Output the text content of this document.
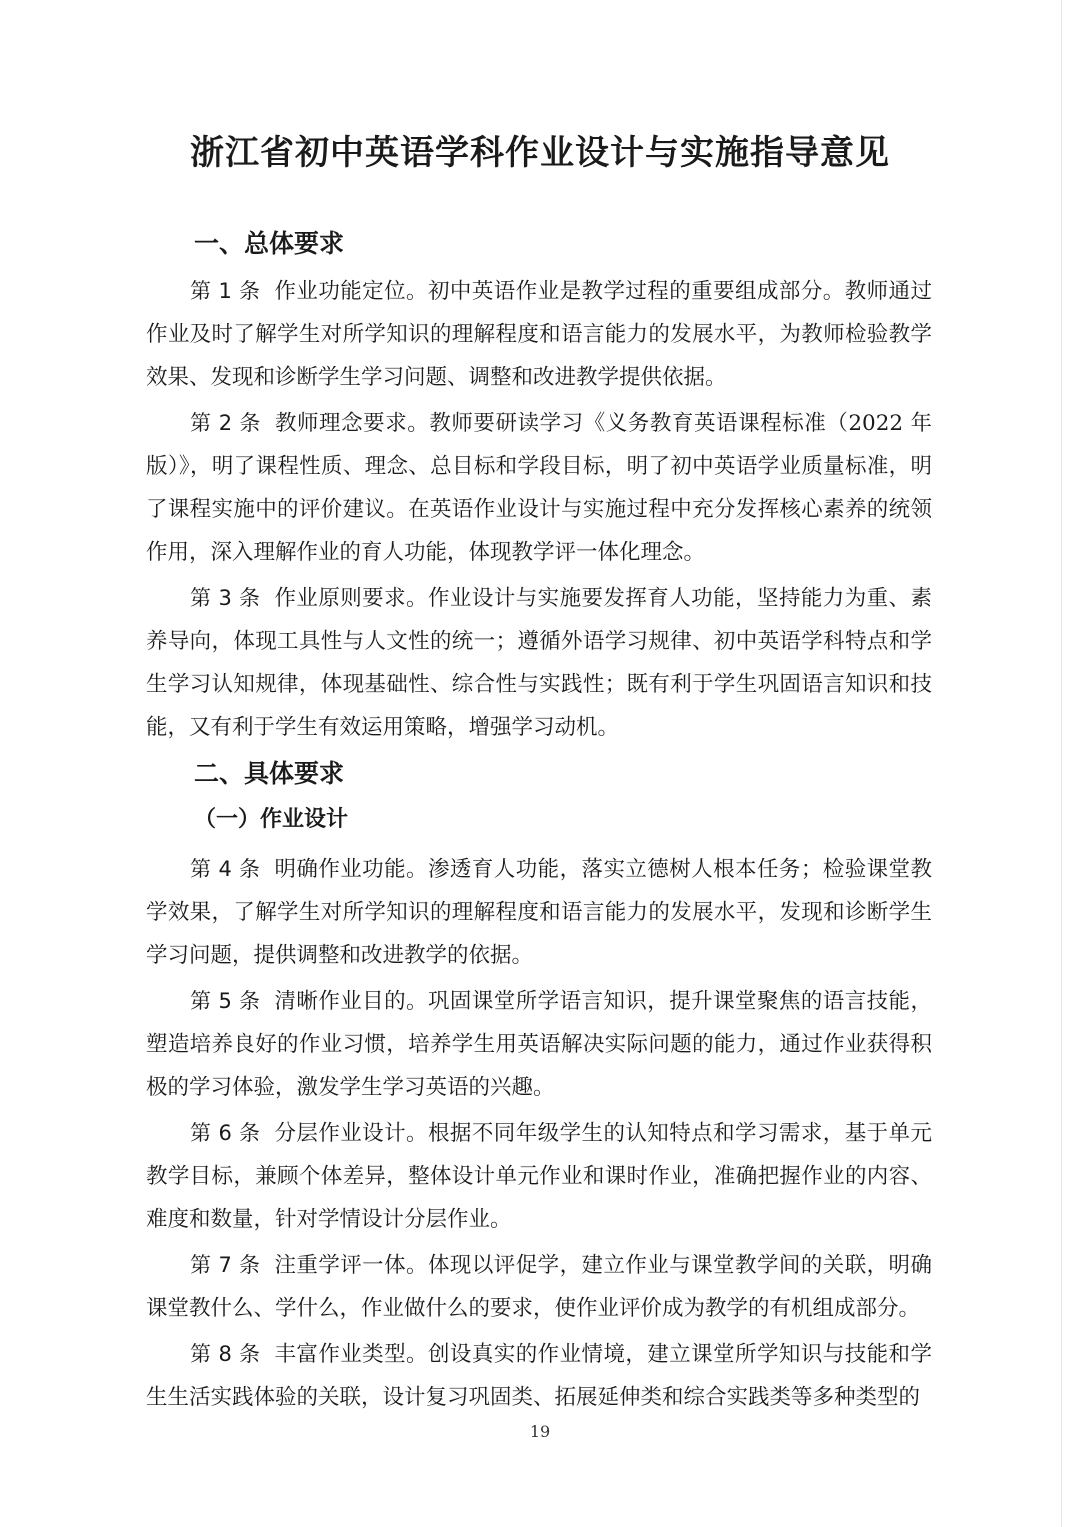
浙江省初中英语学科作业设计与实施指导意见
一、总体要求

第 1 条 作业功能定位。初中英语作业是教学过程的重要组成部分。教师通过作业及时了解学生对所学知识的理解程度和语言能力的发展水平，为教师检验教学效果、发现和诊断学生学习问题、调整和改进教学提供依据。

第 2 条 教师理念要求。教师要研读学习《义务教育英语课程标准（2022 年版）》，明了课程性质、理念、总目标和学段目标，明了初中英语学业质量标准，明了课程实施中的评价建议。在英语作业设计与实施过程中充分发挥核心素养的统领作用，深入理解作业的育人功能，体现教学评一体化理念。

第 3 条 作业原则要求。作业设计与实施要发挥育人功能，坚持能力为重、素养导向，体现工具性与人文性的统一；遵循外语学习规律、初中英语学科特点和学生学习认知规律，体现基础性、综合性与实践性；既有利于学生巩固语言知识和技能，又有利于学生有效运用策略，增强学习动机。

二、具体要求
（一）作业设计

第 4 条 明确作业功能。渗透育人功能，落实立德树人根本任务；检验课堂教学效果，了解学生对所学知识的理解程度和语言能力的发展水平，发现和诊断学生学习问题，提供调整和改进教学的依据。

第 5 条 清晰作业目的。巩固课堂所学语言知识，提升课堂聚焦的语言技能，塑造培养良好的作业习惯，培养学生用英语解决实际问题的能力，通过作业获得积极的学习体验，激发学生学习英语的兴趣。

第 6 条 分层作业设计。根据不同年级学生的认知特点和学习需求，基于单元教学目标，兼顾个体差异，整体设计单元作业和课时作业，准确把握作业的内容、难度和数量，针对学情设计分层作业。

第 7 条 注重学评一体。体现以评促学，建立作业与课堂教学间的关联，明确课堂教什么、学什么，作业做什么的要求，使作业评价成为教学的有机组成部分。

第 8 条 丰富作业类型。创设真实的作业情境，建立课堂所学知识与技能和学生生活实践体验的关联，设计复习巩固类、拓展延伸类和综合实践类等多种类型的

19
